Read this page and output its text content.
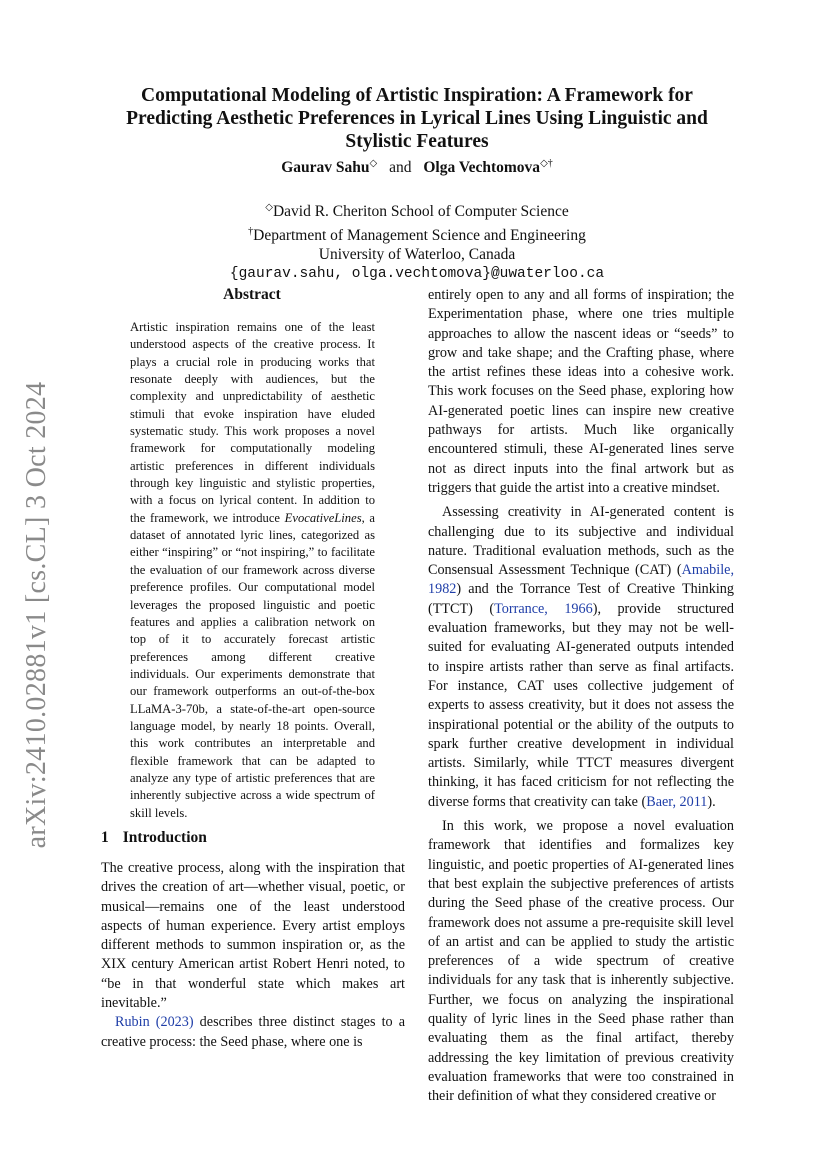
arXiv:2410.02881v1 [cs.CL] 3 Oct 2024
Computational Modeling of Artistic Inspiration: A Framework for Predicting Aesthetic Preferences in Lyrical Lines Using Linguistic and Stylistic Features
Gaurav Sahu◇ and Olga Vechtomova◇†
◇David R. Cheriton School of Computer Science
†Department of Management Science and Engineering
University of Waterloo, Canada
{gaurav.sahu, olga.vechtomova}@uwaterloo.ca
Abstract

Artistic inspiration remains one of the least understood aspects of the creative process. It plays a crucial role in producing works that resonate deeply with audiences, but the complexity and unpredictability of aesthetic stimuli that evoke inspiration have eluded systematic study. This work proposes a novel framework for computationally modeling artistic preferences in different individuals through key linguistic and stylistic properties, with a focus on lyrical content. In addition to the framework, we introduce EvocativeLines, a dataset of annotated lyric lines, categorized as either “inspiring” or “not inspiring,” to facilitate the evaluation of our framework across diverse preference profiles. Our computational model leverages the proposed linguistic and poetic features and applies a calibration network on top of it to accurately forecast artistic preferences among different creative individuals. Our experiments demonstrate that our framework outperforms an out-of-the-box LLaMA-3-70b, a state-of-the-art open-source language model, by nearly 18 points. Overall, this work contributes an interpretable and flexible framework that can be adapted to analyze any type of artistic preferences that are inherently subjective across a wide spectrum of skill levels.

1 Introduction

The creative process, along with the inspiration that drives the creation of art—whether visual, poetic, or musical—remains one of the least understood aspects of human experience. Every artist employs different methods to summon inspiration or, as the XIX century American artist Robert Henri noted, to “be in that wonderful state which makes art inevitable.”

Rubin (2023) describes three distinct stages to a creative process: the Seed phase, where one is

entirely open to any and all forms of inspiration; the Experimentation phase, where one tries multiple approaches to allow the nascent ideas or “seeds” to grow and take shape; and the Crafting phase, where the artist refines these ideas into a cohesive work. This work focuses on the Seed phase, exploring how AI-generated poetic lines can inspire new creative pathways for artists. Much like organically encountered stimuli, these AI-generated lines serve not as direct inputs into the final artwork but as triggers that guide the artist into a creative mindset.

Assessing creativity in AI-generated content is challenging due to its subjective and individual nature. Traditional evaluation methods, such as the Consensual Assessment Technique (CAT) (Amabile, 1982) and the Torrance Test of Creative Thinking (TTCT) (Torrance, 1966), provide structured evaluation frameworks, but they may not be well-suited for evaluating AI-generated outputs intended to inspire artists rather than serve as final artifacts. For instance, CAT uses collective judgement of experts to assess creativity, but it does not assess the inspirational potential or the ability of the outputs to spark further creative development in individual artists. Similarly, while TTCT measures divergent thinking, it has faced criticism for not reflecting the diverse forms that creativity can take (Baer, 2011).

In this work, we propose a novel evaluation framework that identifies and formalizes key linguistic, and poetic properties of AI-generated lines that best explain the subjective preferences of artists during the Seed phase of the creative process. Our framework does not assume a pre-requisite skill level of an artist and can be applied to study the artistic preferences of a wide spectrum of creative individuals for any task that is inherently subjective. Further, we focus on analyzing the inspirational quality of lyric lines in the Seed phase rather than evaluating them as the final artifact, thereby addressing the key limitation of previous creativity evaluation frameworks that were too constrained in their definition of what they considered creative or
